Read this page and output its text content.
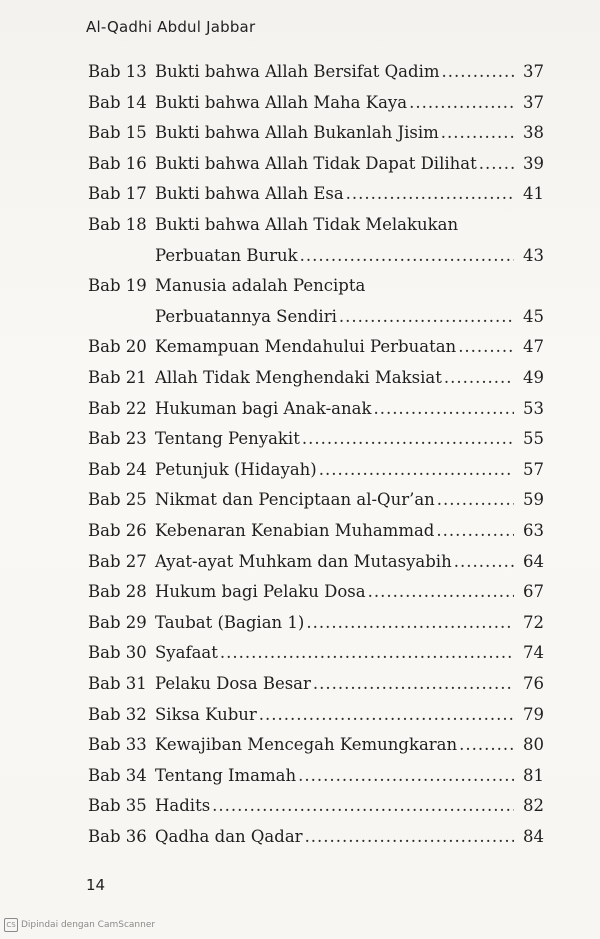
Al-Qadhi Abdul Jabbar
Bab 13 Bukti bahwa Allah Bersifat Qadim .....	37
Bab 14 Bukti bahwa Allah Maha Kaya .....	37
Bab 15 Bukti bahwa Allah Bukanlah Jisim .....	38
Bab 16 Bukti bahwa Allah Tidak Dapat Dilihat .....	39
Bab 17 Bukti bahwa Allah Esa .....	41
Bab 18 Bukti bahwa Allah Tidak Melakukan
Perbuatan Buruk .....	43
Bab 19 Manusia adalah Pencipta
Perbuatannya Sendiri .....	45
Bab 20 Kemampuan Mendahului Perbuatan .....	47
Bab 21 Allah Tidak Menghendaki Maksiat .....	49
Bab 22 Hukuman bagi Anak-anak .....	53
Bab 23 Tentang Penyakit .....	55
Bab 24 Petunjuk (Hidayah) .....	57
Bab 25 Nikmat dan Penciptaan al-Qur’an .....	59
Bab 26 Kebenaran Kenabian Muhammad .....	63
Bab 27 Ayat-ayat Muhkam dan Mutasyabih .....	64
Bab 28 Hukum bagi Pelaku Dosa .....	67
Bab 29 Taubat (Bagian 1) .....	72
Bab 30 Syafaat .....	74
Bab 31 Pelaku Dosa Besar .....	76
Bab 32 Siksa Kubur .....	79
Bab 33 Kewajiban Mencegah Kemungkaran .....	80
Bab 34 Tentang Imamah .....	81
Bab 35 Hadits .....	82
Bab 36 Qadha dan Qadar .....	84
14
CS Dipindai dengan CamScanner
